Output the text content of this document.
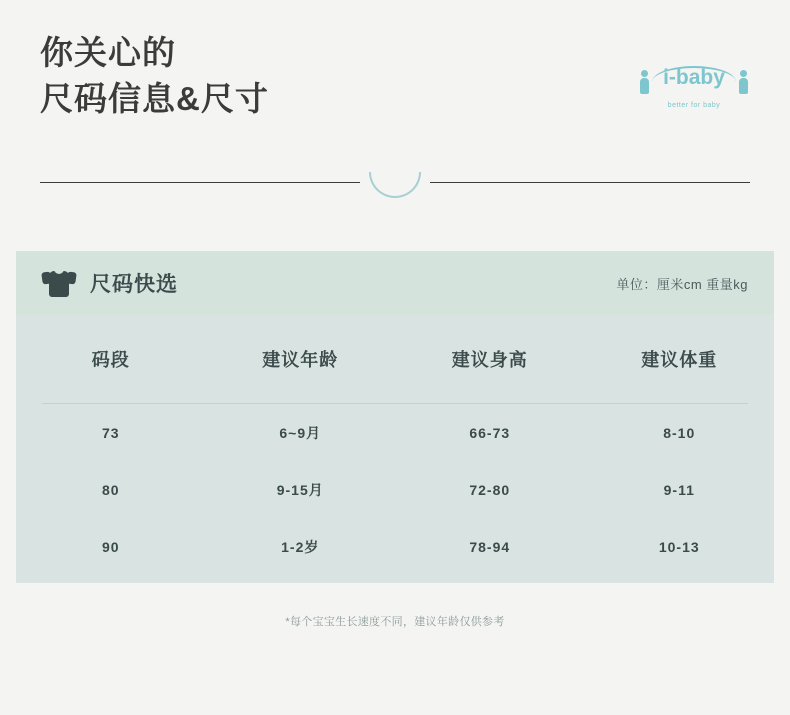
你关心的
尺码信息&尺寸
i-baby
better for baby
尺码快选	单位：厘米cm 重量kg
码段	建议年龄	建议身高	建议体重
73	6~9月	66-73	8-10
80	9-15月	72-80	9-11
90	1-2岁	78-94	10-13
*每个宝宝生长速度不同，建议年龄仅供参考
